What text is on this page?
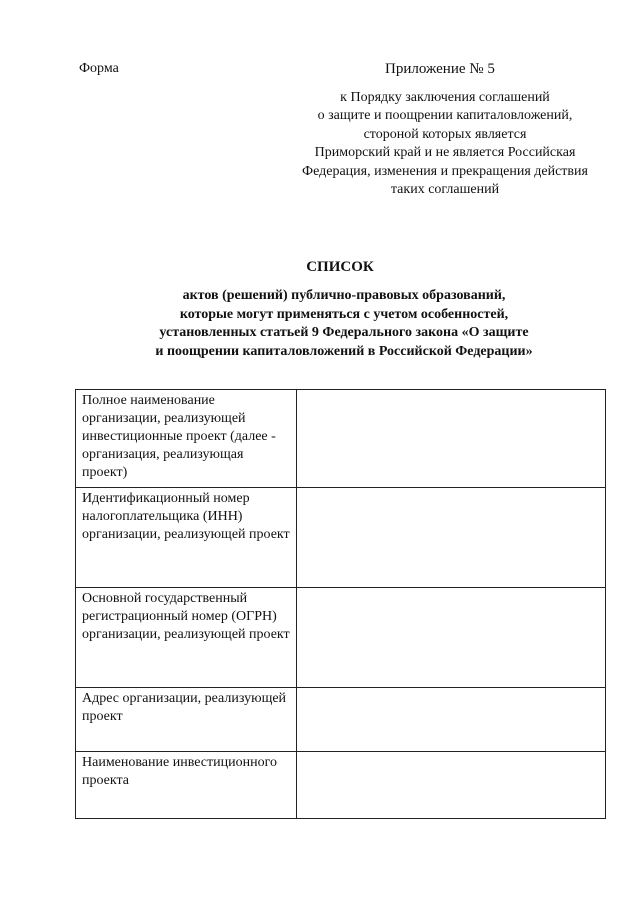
Форма	Приложение № 5
к Порядку заключения соглашений
о защите и поощрении капиталовложений,
стороной которых является
Приморский край и не является Российская
Федерация, изменения и прекращения действия
таких соглашений
СПИСОК
актов (решений) публично-правовых образований,
которые могут применяться с учетом особенностей,
установленных статьей 9 Федерального закона «О защите
и поощрении капиталовложений в Российской Федерации»
Полное наименование организации, реализующей инвестиционные проект (далее - организация, реализующая проект)	
Идентификационный номер налогоплательщика (ИНН) организации, реализующей проект	
Основной государственный регистрационный номер (ОГРН) организации, реализующей проект	
Адрес организации, реализующей проект	
Наименование инвестиционного проекта	
